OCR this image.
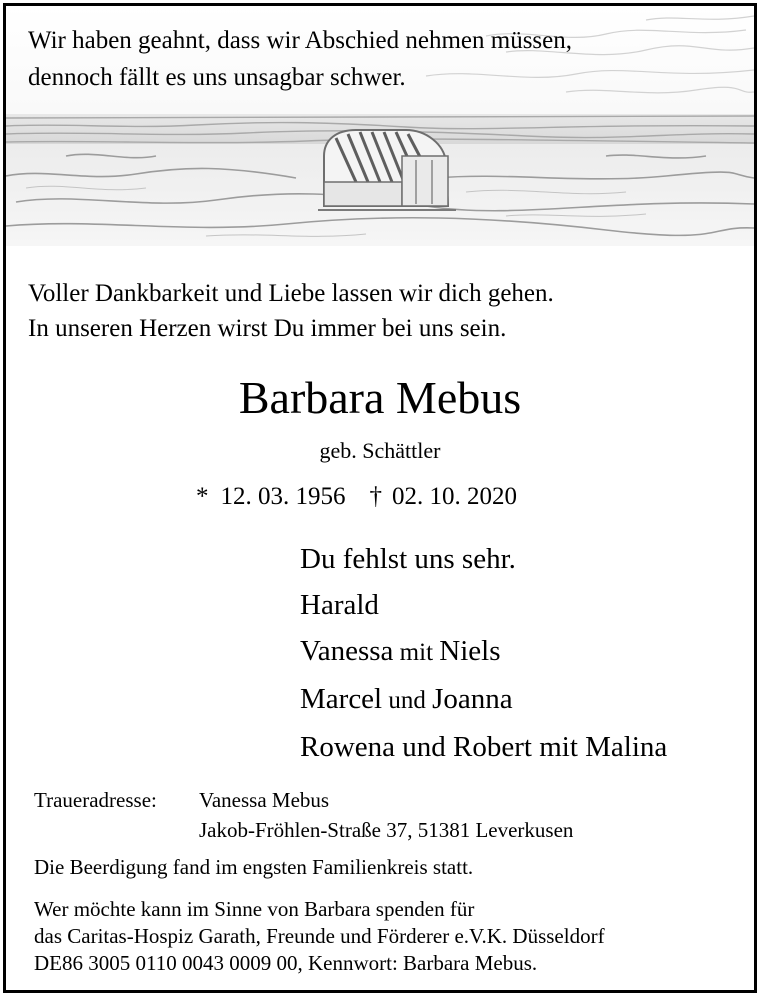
Wir haben geahnt, dass wir Abschied nehmen müssen,
dennoch fällt es uns unsagbar schwer.
Voller Dankbarkeit und Liebe lassen wir dich gehen.
In unseren Herzen wirst Du immer bei uns sein.
Barbara Mebus
geb. Schättler
* 12. 03. 1956 † 02. 10. 2020
Du fehlst uns sehr.
Harald
Vanessa mit Niels
Marcel und Joanna
Rowena und Robert mit Malina
Traueradresse: Vanessa Mebus
Jakob-Fröhlen-Straße 37, 51381 Leverkusen
Die Beerdigung fand im engsten Familienkreis statt.
Wer möchte kann im Sinne von Barbara spenden für
das Caritas-Hospiz Garath, Freunde und Förderer e.V.K. Düsseldorf
DE86 3005 0110 0043 0009 00, Kennwort: Barbara Mebus.
